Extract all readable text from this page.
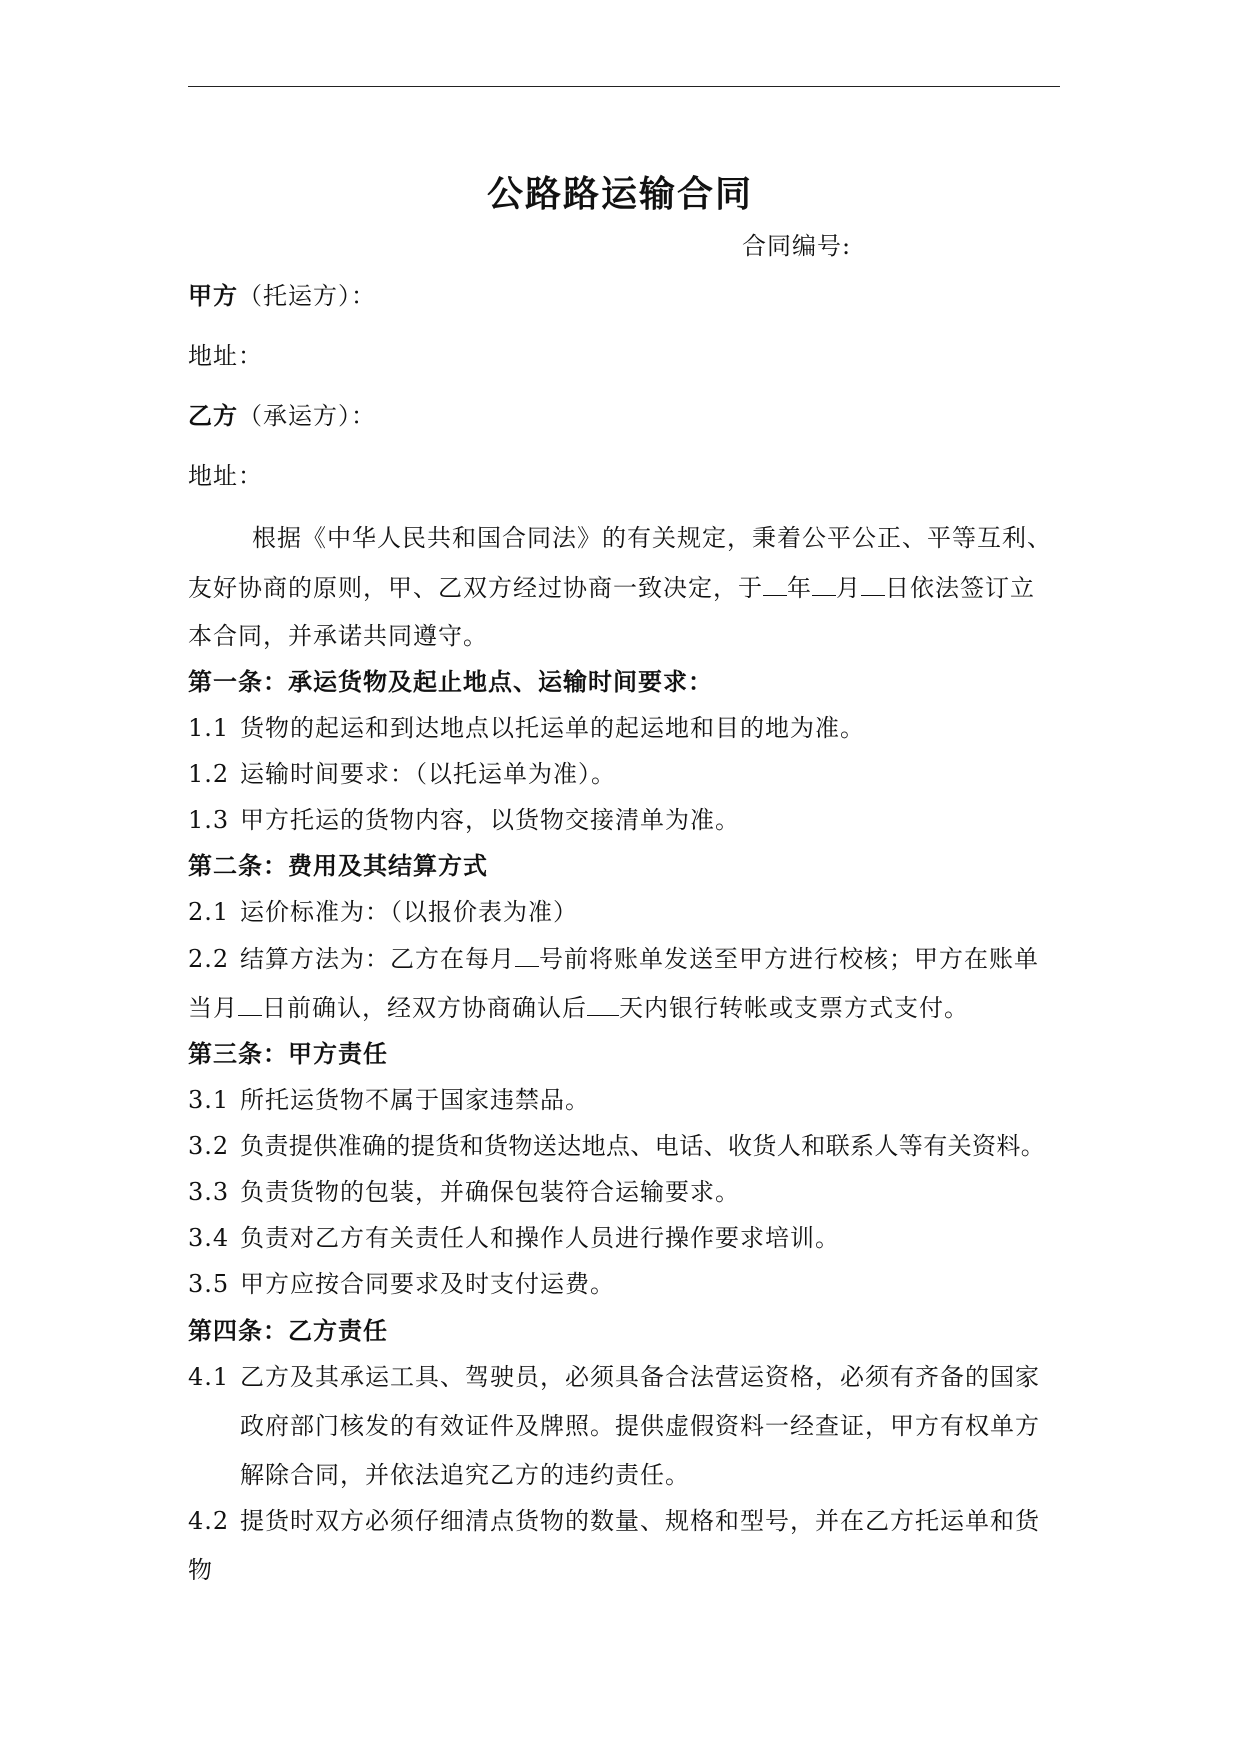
公路路运输合同
合同编号:
甲方（托运方）：
地址：
乙方（承运方）：
地址：
根据《中华人民共和国合同法》的有关规定，秉着公平公正、平等互利、
友好协商的原则，甲、乙双方经过协商一致决定，于 年 月 日依法签订立
本合同，并承诺共同遵守。
第一条：承运货物及起止地点、运输时间要求：
1.1 货物的起运和到达地点以托运单的起运地和目的地为准。
1.2 运输时间要求：（以托运单为准）。
1.3 甲方托运的货物内容，以货物交接清单为准。
第二条：费用及其结算方式
2.1 运价标准为：（以报价表为准）
2.2 结算方法为：乙方在每月 号前将账单发送至甲方进行校核；甲方在账单
当月 日前确认，经双方协商确认后 天内银行转帐或支票方式支付。
第三条：甲方责任
3.1 所托运货物不属于国家违禁品。
3.2 负责提供准确的提货和货物送达地点、电话、收货人和联系人等有关资料。
3.3 负责货物的包装，并确保包装符合运输要求。
3.4 负责对乙方有关责任人和操作人员进行操作要求培训。
3.5 甲方应按合同要求及时支付运费。
第四条：乙方责任
4.1 乙方及其承运工具、驾驶员，必须具备合法营运资格，必须有齐备的国家
政府部门核发的有效证件及牌照。提供虚假资料一经查证，甲方有权单方
解除合同，并依法追究乙方的违约责任。
4.2 提货时双方必须仔细清点货物的数量、规格和型号，并在乙方托运单和货
物
